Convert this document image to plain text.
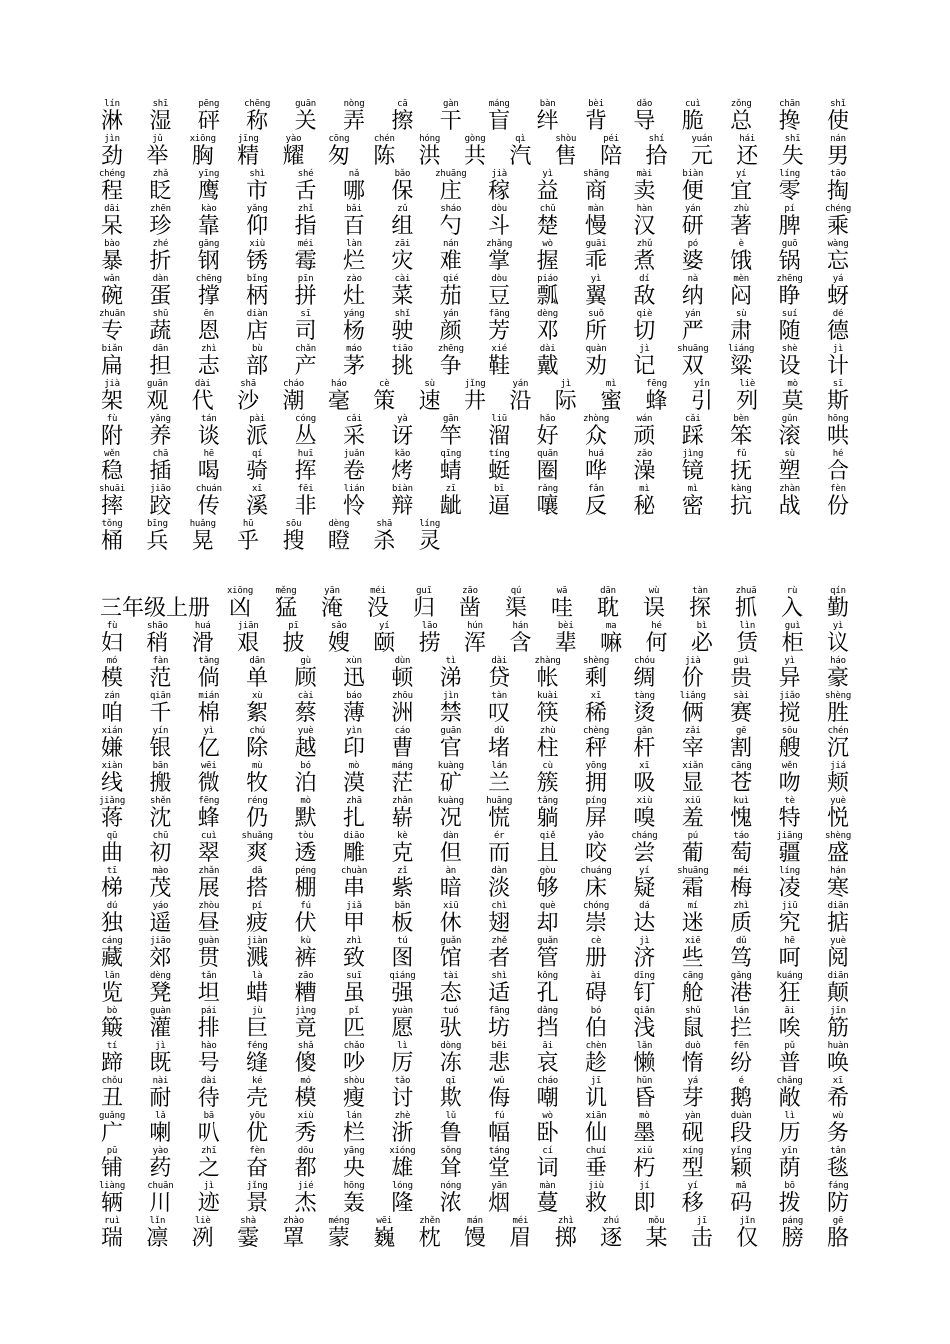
lín
淋
shī
湿
pēng
砰
chēng
称
guān
关
nòng
弄
cā
擦
gàn
干
máng
盲
bàn
绊
bèi
背
dǎo
导
cuì
脆
zǒng
总
chān
搀
shǐ
使
jìn
劲
jǔ
举
xiōng
胸
jīng
精
yào
耀
cōng
匆
chén
陈
hóng
洪
gòng
共
qì
汽
shòu
售
péi
陪
shí
拾
yuán
元
hái
还
shī
失
nán
男
chéng
程
zhǎ
眨
yīng
鹰
shì
市
shé
舌
nǎ
哪
bǎo
保
zhuāng
庄
jià
稼
yì
益
shāng
商
mài
卖
biàn
便
yí
宜
líng
零
tāo
掏
dāi
呆
zhēn
珍
kào
靠
yǎng
仰
zhǐ
指
bǎi
百
zǔ
组
sháo
勺
dòu
斗
chǔ
楚
màn
慢
hàn
汉
yán
研
zhù
著
pí
脾
chéng
乘
bào
暴
zhé
折
gāng
钢
xiù
锈
méi
霉
làn
烂
zāi
灾
nán
难
zhǎng
掌
wò
握
guāi
乖
zhǔ
煮
pó
婆
è
饿
guō
锅
wàng
忘
wǎn
碗
dàn
蛋
chēng
撑
bǐng
柄
pīn
拼
zào
灶
cài
菜
qié
茄
dòu
豆
piáo
瓢
yì
翼
dí
敌
nà
纳
mèn
闷
zhēng
睁
yá
蚜
zhuān
专
shū
蔬
ēn
恩
diàn
店
sī
司
yáng
杨
shǐ
驶
yán
颜
fāng
芳
dèng
邓
suǒ
所
qiè
切
yán
严
sù
肃
suí
随
dé
德
biǎn
扁
dān
担
zhì
志
bù
部
chǎn
产
máo
茅
tiāo
挑
zhēng
争
xié
鞋
dài
戴
quàn
劝
jì
记
shuāng
双
liáng
粱
shè
设
jì
计
jià
架
guān
观
dài
代
shā
沙
cháo
潮
háo
毫
cè
策
sù
速
jǐng
井
yán
沿
jì
际
mì
蜜
fēng
蜂
yǐn
引
liè
列
mò
莫
sī
斯
fù
附
yǎng
养
tán
谈
pài
派
cóng
丛
cǎi
采
yà
讶
gān
竿
liū
溜
hǎo
好
zhòng
众
wán
顽
cǎi
踩
bèn
笨
gǔn
滚
hōng
哄
wěn
稳
chā
插
hē
喝
qí
骑
huī
挥
juǎn
卷
kǎo
烤
qīng
蜻
tíng
蜓
quān
圈
huá
哗
zǎo
澡
jìng
镜
fǔ
抚
sù
塑
hé
合
shuāi
摔
jiāo
跤
chuán
传
xī
溪
fēi
非
lián
怜
biàn
辩
zī
龇
bī
逼
rǎng
嚷
fǎn
反
mì
秘
mì
密
kàng
抗
zhàn
战
fèn
份
tǒng
桶
bīng
兵
huǎng
晃
hū
乎
sōu
搜
dèng
瞪
shā
杀
líng
灵
三年级上册
xiōng
凶
měng
猛
yān
淹
méi
没
guī
归
zāo
凿
qú
渠
wā
哇
dān
耽
wù
误
tàn
探
zhuā
抓
rù
入
qín
勤
fù
妇
shāo
稍
huá
滑
jiān
艰
pī
披
sǎo
嫂
yí
颐
lāo
捞
hún
浑
hán
含
bèi
辈
ma
嘛
hé
何
bì
必
lìn
赁
guì
柜
yì
议
mó
模
fàn
范
tǎng
倘
dān
单
gù
顾
xùn
迅
dùn
顿
tì
涕
dài
贷
zhàng
帐
shèng
剩
chóu
绸
jià
价
guì
贵
yì
异
háo
豪
zán
咱
qiān
千
mián
棉
xù
絮
cài
蔡
báo
薄
zhōu
洲
jìn
禁
tàn
叹
kuài
筷
xī
稀
tàng
烫
liǎng
俩
sài
赛
jiǎo
搅
shèng
胜
xián
嫌
yín
银
yì
亿
chú
除
yuè
越
yìn
印
cáo
曹
guān
官
dǔ
堵
zhù
柱
chèng
秤
gǎn
杆
zǎi
宰
gē
割
sōu
艘
chén
沉
xiàn
线
bān
搬
wēi
微
mù
牧
bó
泊
mò
漠
máng
茫
kuàng
矿
lán
兰
cù
簇
yōng
拥
xī
吸
xiǎn
显
cāng
苍
wěn
吻
jiá
颊
jiǎng
蒋
shěn
沈
fēng
蜂
réng
仍
mò
默
zhā
扎
zhǎn
崭
kuàng
况
huāng
慌
tǎng
躺
píng
屏
xiù
嗅
xiū
羞
kuì
愧
tè
特
yuè
悦
qū
曲
chū
初
cuì
翠
shuǎng
爽
tòu
透
diāo
雕
kè
克
dàn
但
ér
而
qiě
且
yǎo
咬
cháng
尝
pú
葡
táo
萄
jiāng
疆
shèng
盛
tī
梯
mào
茂
zhǎn
展
dā
搭
péng
棚
chuàn
串
zǐ
紫
àn
暗
dàn
淡
gòu
够
chuáng
床
yí
疑
shuāng
霜
méi
梅
líng
凌
hán
寒
dú
独
yáo
遥
zhòu
昼
pí
疲
fú
伏
jiǎ
甲
bǎn
板
xiū
休
chì
翅
què
却
chóng
崇
dá
达
mí
迷
zhì
质
jiū
究
diān
掂
cáng
藏
jiāo
郊
guàn
贯
jiàn
溅
kù
裤
zhì
致
tú
图
guǎn
馆
zhě
者
guǎn
管
cè
册
jì
济
xiē
些
dǔ
笃
hē
呵
yuè
阅
lǎn
览
dèng
凳
tǎn
坦
là
蜡
zāo
糟
suī
虽
qiáng
强
tài
态
shì
适
kǒng
孔
ài
碍
dīng
钉
cāng
舱
gǎng
港
kuáng
狂
diān
颠
bò
簸
guàn
灌
pái
排
jù
巨
jìng
竟
pǐ
匹
yuàn
愿
tuó
驮
fāng
坊
dǎng
挡
bó
伯
qiǎn
浅
shǔ
鼠
lán
拦
āi
唉
jīn
筋
tí
蹄
jì
既
hào
号
féng
缝
shǎ
傻
chǎo
吵
lì
厉
dòng
冻
bēi
悲
āi
哀
chèn
趁
lǎn
懒
duò
惰
fēn
纷
pǔ
普
huàn
唤
chǒu
丑
nài
耐
dài
待
ké
壳
mó
模
shòu
瘦
tǎo
讨
qī
欺
wǔ
侮
cháo
嘲
jī
讥
hūn
昏
yá
芽
é
鹅
chǎng
敞
xī
希
guǎng
广
lǎ
喇
bā
叭
yōu
优
xiù
秀
lán
栏
zhè
浙
lǔ
鲁
fú
幅
wò
卧
xiān
仙
mò
墨
yàn
砚
duàn
段
lì
历
wù
务
pū
铺
yào
药
zhī
之
fèn
奋
dōu
都
yāng
央
xióng
雄
sǒng
耸
táng
堂
cí
词
chuí
垂
xiǔ
朽
xíng
型
yǐng
颖
yīn
荫
tǎn
毯
liàng
辆
chuān
川
jì
迹
jǐng
景
jié
杰
hōng
轰
lóng
隆
nóng
浓
yān
烟
màn
蔓
jiù
救
jí
即
yí
移
mǎ
码
bō
拨
fáng
防
ruì
瑞
lǐn
凛
liè
冽
shà
霎
zhào
罩
méng
蒙
wēi
巍
zhěn
枕
mán
馒
méi
眉
zhì
掷
zhú
逐
mǒu
某
jī
击
jǐn
仅
páng
膀
gē
胳
